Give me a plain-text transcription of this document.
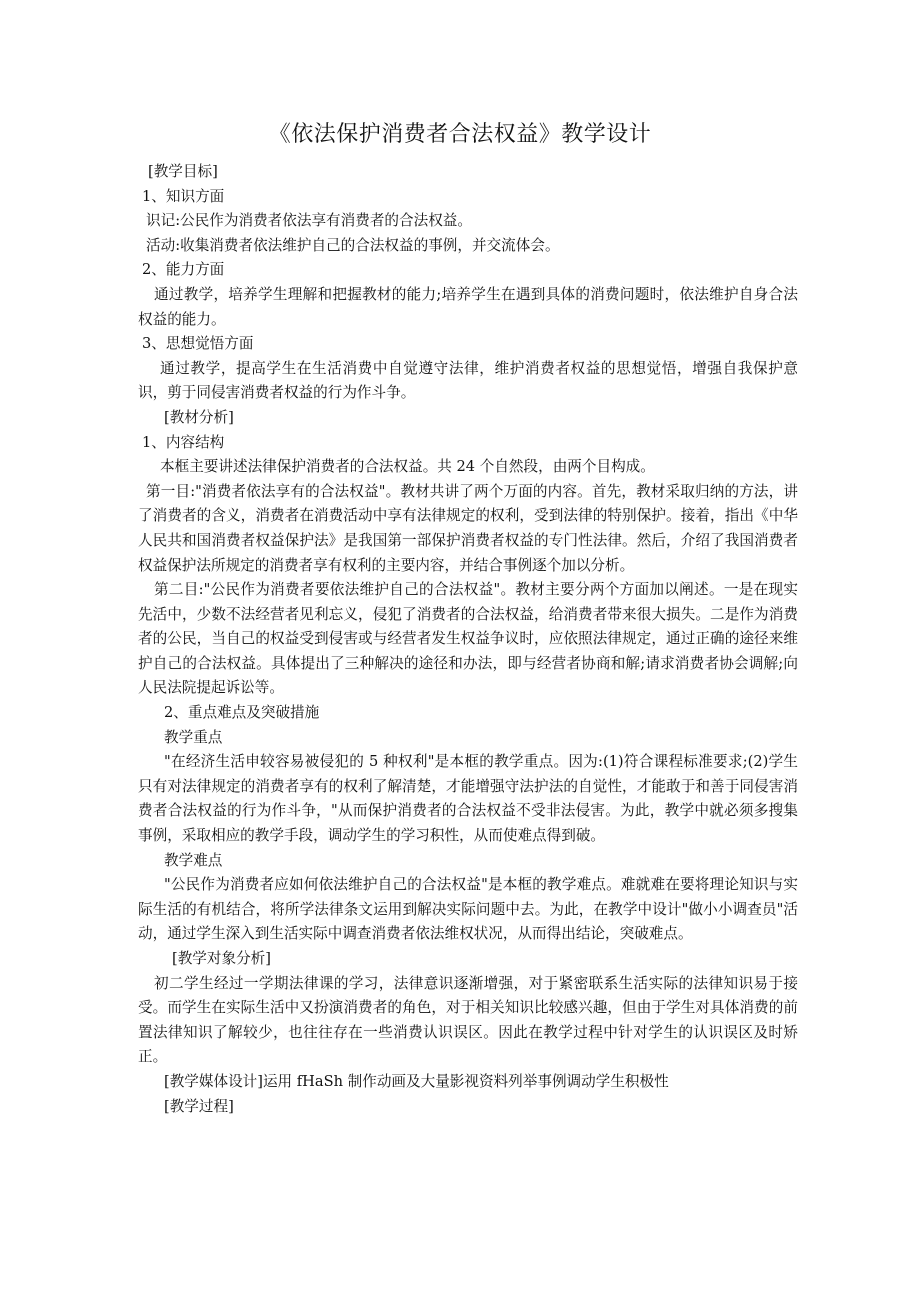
《依法保护消费者合法权益》教学设计

[教学目标]

1、知识方面

识记:公民作为消费者依法享有消费者的合法权益。

活动:收集消费者依法维护自己的合法权益的事例，并交流体会。

2、能力方面

通过教学，培养学生理解和把握教材的能力;培养学生在遇到具体的消费问题时，依法维护自身合法权益的能力。

3、思想觉悟方面

通过教学，提高学生在生活消费中自觉遵守法律，维护消费者权益的思想觉悟，增强自我保护意识，剪于同侵害消费者权益的行为作斗争。

[教材分析]

1、内容结构

本框主要讲述法律保护消费者的合法权益。共 24 个自然段，由两个目构成。

第一目:"消费者依法享有的合法权益"。教材共讲了两个万面的内容。首先，教材采取归纳的方法，讲了消费者的含义，消费者在消费活动中享有法律规定的权利，受到法律的特别保护。接着，指出《中华人民共和国消费者权益保护法》是我国第一部保护消费者权益的专门性法律。然后，介绍了我国消费者权益保护法所规定的消费者享有权利的主要内容，并结合事例逐个加以分析。

第二目:"公民作为消费者要依法维护自己的合法权益"。教材主要分两个方面加以阐述。一是在现实先活中，少数不法经营者见利忘义，侵犯了消费者的合法权益，给消费者带来很大损失。二是作为消费者的公民，当自己的权益受到侵害或与经营者发生权益争议时，应依照法律规定，通过正确的途径来维护自己的合法权益。具体提出了三种解决的途径和办法，即与经营者协商和解;请求消费者协会调解;向人民法院提起诉讼等。

2、重点难点及突破措施

教学重点

"在经济生活申较容易被侵犯的 5 种权利"是本框的教学重点。因为:(1)符合课程标准要求;(2)学生只有对法律规定的消费者享有的权利了解清楚，才能增强守法护法的自觉性，才能敢于和善于同侵害消费者合法权益的行为作斗争，"从而保护消费者的合法权益不受非法侵害。为此，教学中就必须多搜集事例，采取相应的教学手段，调动学生的学习积性，从而使难点得到破。

教学难点

"公民作为消费者应如何依法维护自己的合法权益"是本框的教学难点。难就难在要将理论知识与实际生活的有机结合，将所学法律条文运用到解决实际问题中去。为此，在教学中设计"做小小调查员"活动，通过学生深入到生活实际中调查消费者依法维权状况，从而得出结论，突破难点。

[教学对象分析]

初二学生经过一学期法律课的学习，法律意识逐渐增强，对于紧密联系生活实际的法律知识易于接受。而学生在实际生活中又扮演消费者的角色，对于相关知识比较感兴趣，但由于学生对具体消费的前置法律知识了解较少，也往往存在一些消费认识误区。因此在教学过程中针对学生的认识误区及时矫正。

[教学媒体设计]运用 fHaSh 制作动画及大量影视资料列举事例调动学生积极性

[教学过程]
